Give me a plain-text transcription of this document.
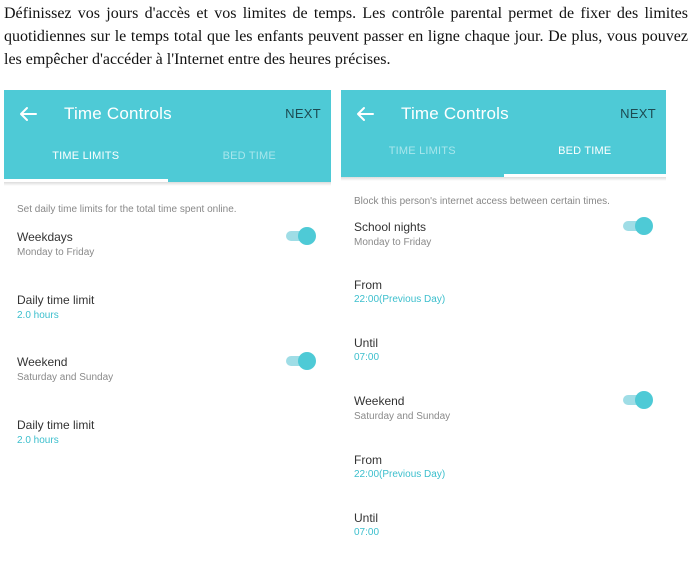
Définissez vos jours d'accès et vos limites de temps. Les contrôle parental permet de fixer des limites quotidiennes sur le temps total que les enfants peuvent passer en ligne chaque jour. De plus, vous pouvez les empêcher d'accéder à l'Internet entre des heures précises.
Time Controls	NEXT
TIME LIMITS	BED TIME
Set daily time limits for the total time spent online.
Weekdays
Monday to Friday
Daily time limit
2.0 hours
Weekend
Saturday and Sunday
Daily time limit
2.0 hours
Time Controls	NEXT
TIME LIMITS	BED TIME
Block this person's internet access between certain times.
School nights
Monday to Friday
From
22:00(Previous Day)
Until
07:00
Weekend
Saturday and Sunday
From
22:00(Previous Day)
Until
07:00
